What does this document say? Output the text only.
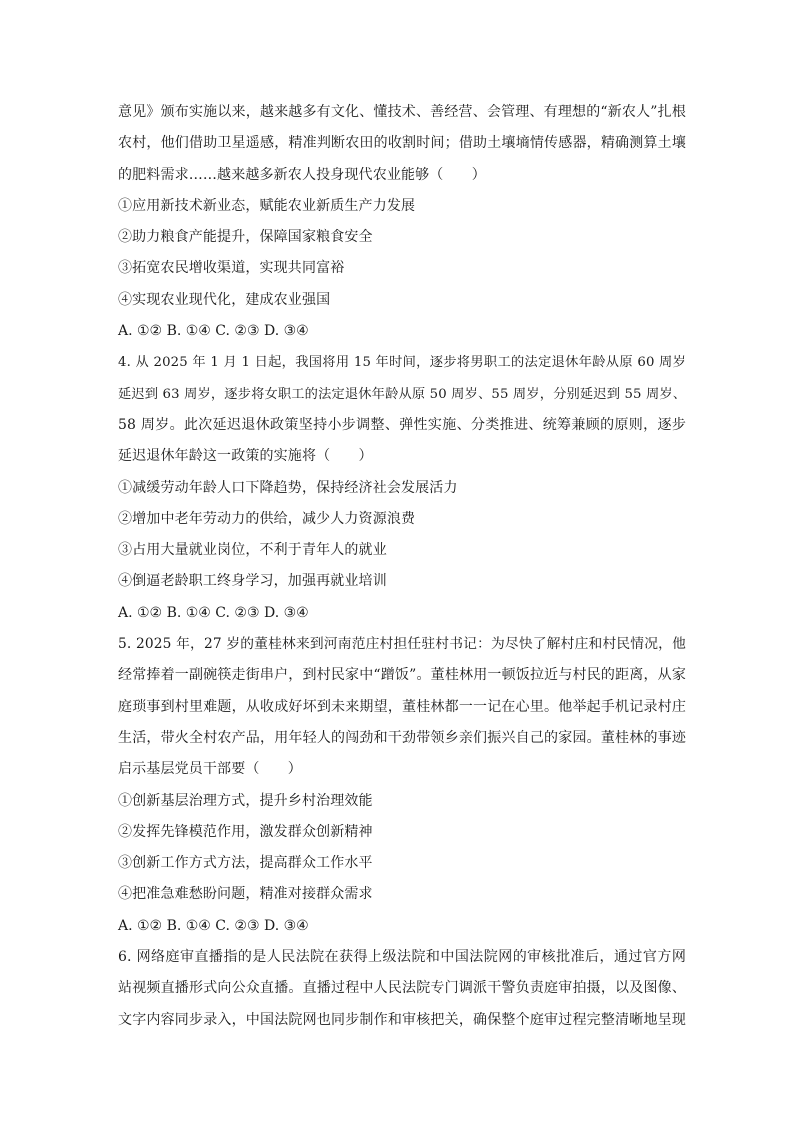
意见》颁布实施以来，越来越多有文化、懂技术、善经营、会管理、有理想的“新农人”扎根
农村，他们借助卫星遥感，精准判断农田的收割时间；借助土壤墒情传感器，精确测算土壤
的肥料需求……越来越多新农人投身现代农业能够（　　）
①应用新技术新业态，赋能农业新质生产力发展
②助力粮食产能提升，保障国家粮食安全
③拓宽农民增收渠道，实现共同富裕
④实现农业现代化，建成农业强国
A. ①② B. ①④ C. ②③ D. ③④
4. 从 2025 年 1 月 1 日起，我国将用 15 年时间，逐步将男职工的法定退休年龄从原 60 周岁
延迟到 63 周岁，逐步将女职工的法定退休年龄从原 50 周岁、55 周岁，分别延迟到 55 周岁、
58 周岁。此次延迟退休政策坚持小步调整、弹性实施、分类推进、统筹兼顾的原则，逐步
延迟退休年龄这一政策的实施将（　　）
①减缓劳动年龄人口下降趋势，保持经济社会发展活力
②增加中老年劳动力的供给，减少人力资源浪费
③占用大量就业岗位，不利于青年人的就业
④倒逼老龄职工终身学习，加强再就业培训
A. ①② B. ①④ C. ②③ D. ③④
5. 2025 年，27 岁的董桂林来到河南范庄村担任驻村书记：为尽快了解村庄和村民情况，他
经常捧着一副碗筷走街串户，到村民家中“蹭饭”。董桂林用一顿饭拉近与村民的距离，从家
庭琐事到村里难题，从收成好坏到未来期望，董桂林都一一记在心里。他举起手机记录村庄
生活，带火全村农产品，用年轻人的闯劲和干劲带领乡亲们振兴自己的家园。董桂林的事迹
启示基层党员干部要（　　）
①创新基层治理方式，提升乡村治理效能
②发挥先锋模范作用，激发群众创新精神
③创新工作方式方法，提高群众工作水平
④把准急难愁盼问题，精准对接群众需求
A. ①② B. ①④ C. ②③ D. ③④
6. 网络庭审直播指的是人民法院在获得上级法院和中国法院网的审核批准后，通过官方网
站视频直播形式向公众直播。直播过程中人民法院专门调派干警负责庭审拍摄，以及图像、
文字内容同步录入，中国法院网也同步制作和审核把关，确保整个庭审过程完整清晰地呈现
